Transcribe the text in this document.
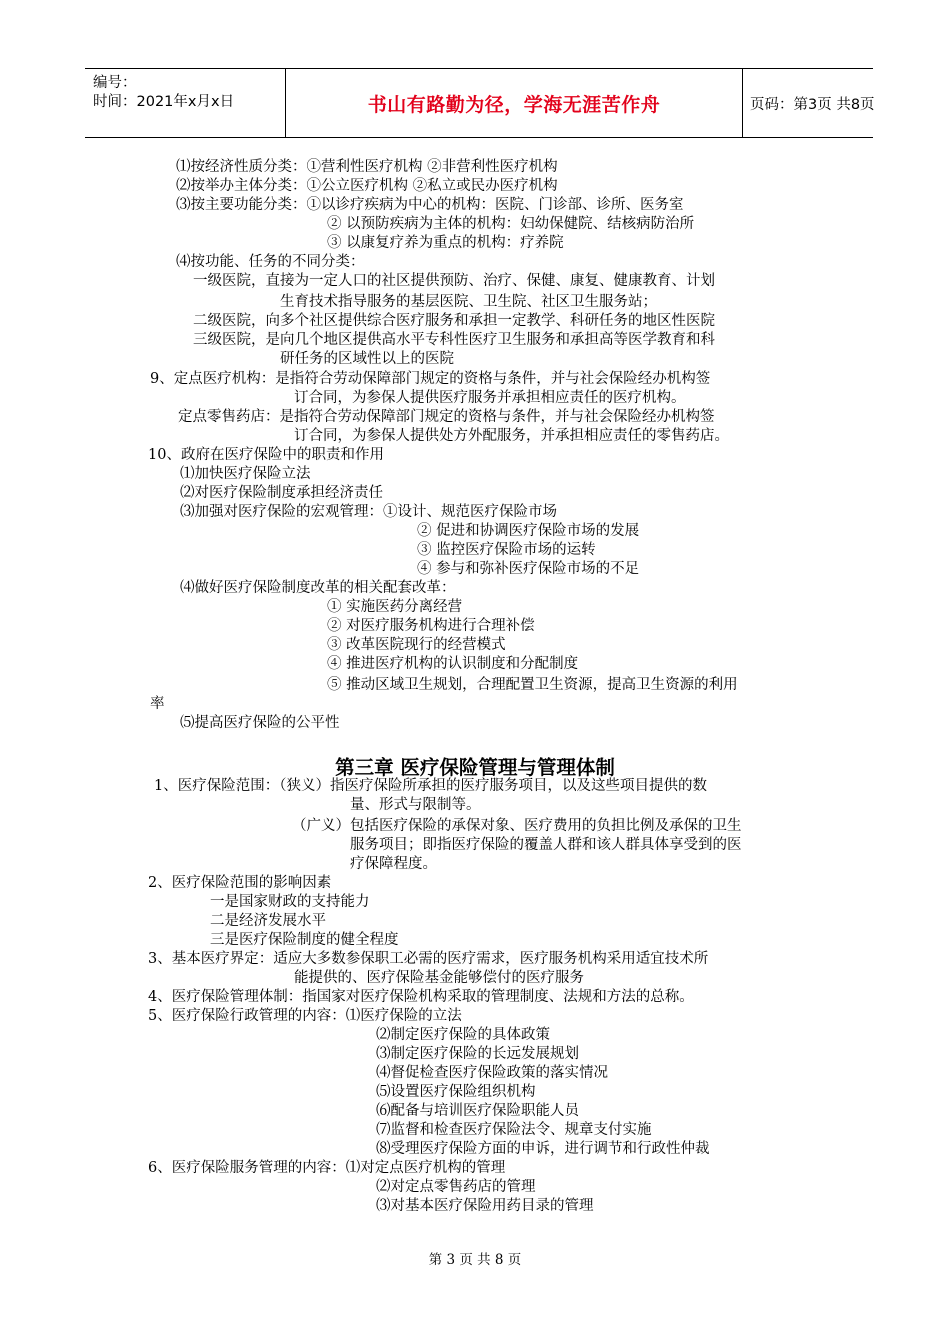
编号：
时间：2021年x月x日	书山有路勤为径，学海无涯苦作舟	页码：第3页 共8页
⑴按经济性质分类：①营利性医疗机构 ②非营利性医疗机构
⑵按举办主体分类：①公立医疗机构 ②私立或民办医疗机构
⑶按主要功能分类：①以诊疗疾病为中心的机构：医院、门诊部、诊所、医务室
② 以预防疾病为主体的机构：妇幼保健院、结核病防治所
③ 以康复疗养为重点的机构：疗养院
⑷按功能、任务的不同分类：
一级医院，直接为一定人口的社区提供预防、治疗、保健、康复、健康教育、计划
生育技术指导服务的基层医院、卫生院、社区卫生服务站；
二级医院，向多个社区提供综合医疗服务和承担一定教学、科研任务的地区性医院
三级医院，是向几个地区提供高水平专科性医疗卫生服务和承担高等医学教育和科
研任务的区域性以上的医院
9、定点医疗机构：是指符合劳动保障部门规定的资格与条件，并与社会保险经办机构签
订合同，为参保人提供医疗服务并承担相应责任的医疗机构。
定点零售药店：是指符合劳动保障部门规定的资格与条件，并与社会保险经办机构签
订合同，为参保人提供处方外配服务，并承担相应责任的零售药店。
10、政府在医疗保险中的职责和作用
⑴加快医疗保险立法
⑵对医疗保险制度承担经济责任
⑶加强对医疗保险的宏观管理：①设计、规范医疗保险市场
② 促进和协调医疗保险市场的发展
③ 监控医疗保险市场的运转
④ 参与和弥补医疗保险市场的不足
⑷做好医疗保险制度改革的相关配套改革：
① 实施医药分离经营
② 对医疗服务机构进行合理补偿
③ 改革医院现行的经营模式
④ 推进医疗机构的认识制度和分配制度
⑤ 推动区域卫生规划，合理配置卫生资源，提高卫生资源的利用
率
⑸提高医疗保险的公平性
第三章 医疗保险管理与管理体制
1、医疗保险范围：（狭义）指医疗保险所承担的医疗服务项目，以及这些项目提供的数
量、形式与限制等。
（广义）包括医疗保险的承保对象、医疗费用的负担比例及承保的卫生
服务项目；即指医疗保险的覆盖人群和该人群具体享受到的医
疗保障程度。
2、医疗保险范围的影响因素
一是国家财政的支持能力
二是经济发展水平
三是医疗保险制度的健全程度
3、基本医疗界定：适应大多数参保职工必需的医疗需求，医疗服务机构采用适宜技术所
能提供的、医疗保险基金能够偿付的医疗服务
4、医疗保险管理体制：指国家对医疗保险机构采取的管理制度、法规和方法的总称。
5、医疗保险行政管理的内容：⑴医疗保险的立法
⑵制定医疗保险的具体政策
⑶制定医疗保险的长远发展规划
⑷督促检查医疗保险政策的落实情况
⑸设置医疗保险组织机构
⑹配备与培训医疗保险职能人员
⑺监督和检查医疗保险法令、规章支付实施
⑻受理医疗保险方面的申诉，进行调节和行政性仲裁
6、医疗保险服务管理的内容：⑴对定点医疗机构的管理
⑵对定点零售药店的管理
⑶对基本医疗保险用药目录的管理
第 3 页 共 8 页
